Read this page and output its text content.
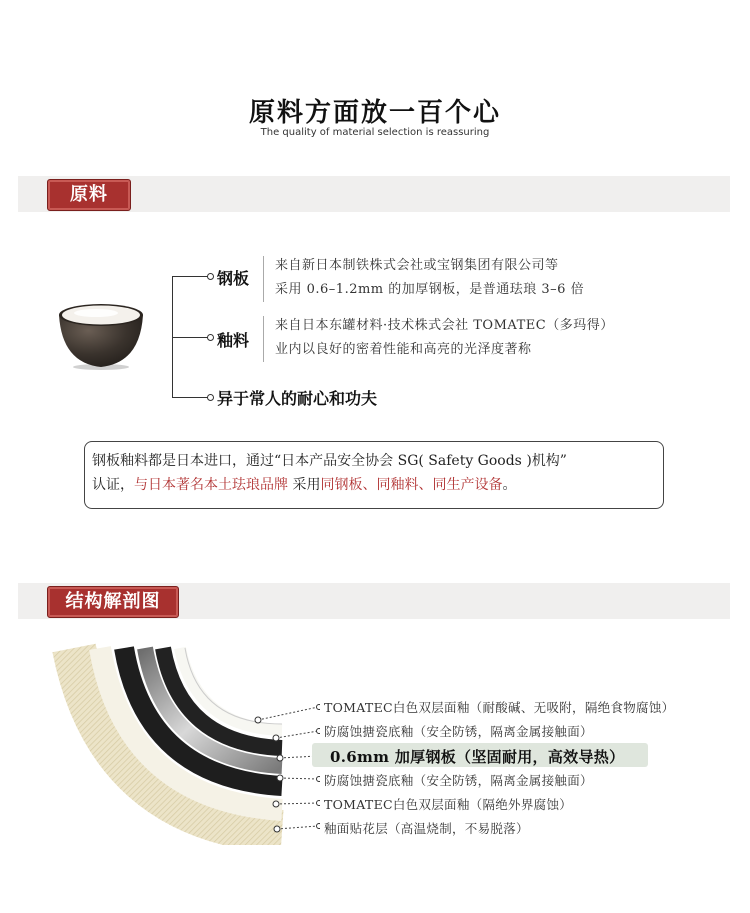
原料方面放一百个心
The quality of material selection is reassuring
原料
钢板
来自新日本制铁株式会社或宝钢集团有限公司等
采用 0.6–1.2mm 的加厚钢板，是普通珐琅 3–6 倍
釉料
来自日本东罐材料·技术株式会社 TOMATEC（多玛得）
业内以良好的密着性能和高亮的光泽度著称
异于常人的耐心和功夫
钢板釉料都是日本进口，通过“日本产品安全协会 SG( Safety Goods )机构”
认证，与日本著名本土珐琅品牌 采用同钢板、同釉料、同生产设备。
结构解剖图
TOMATEC白色双层面釉（耐酸碱、无吸附，隔绝食物腐蚀）
防腐蚀搪瓷底釉（安全防锈，隔离金属接触面）
0.6mm 加厚钢板（坚固耐用，高效导热）
防腐蚀搪瓷底釉（安全防锈，隔离金属接触面）
TOMATEC白色双层面釉（隔绝外界腐蚀）
釉面贴花层（高温烧制，不易脱落）
